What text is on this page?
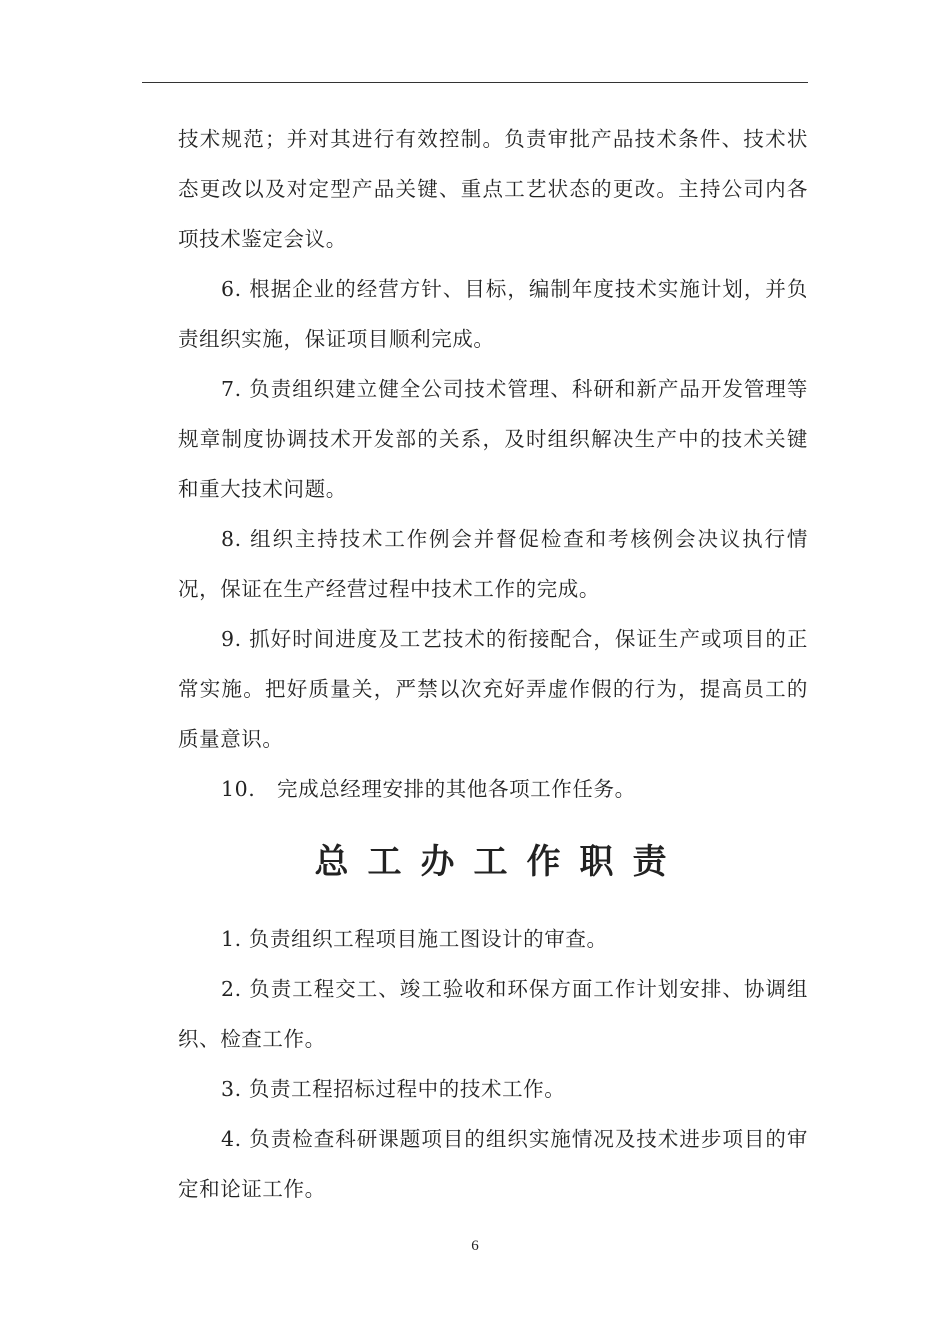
技术规范；并对其进行有效控制。负责审批产品技术条件、技术状态更改以及对定型产品关键、重点工艺状态的更改。主持公司内各项技术鉴定会议。

6. 根据企业的经营方针、目标，编制年度技术实施计划，并负责组织实施，保证项目顺利完成。

7. 负责组织建立健全公司技术管理、科研和新产品开发管理等规章制度协调技术开发部的关系，及时组织解决生产中的技术关键和重大技术问题。

8. 组织主持技术工作例会并督促检查和考核例会决议执行情况，保证在生产经营过程中技术工作的完成。

9. 抓好时间进度及工艺技术的衔接配合，保证生产或项目的正常实施。把好质量关，严禁以次充好弄虚作假的行为，提高员工的质量意识。

10. 完成总经理安排的其他各项工作任务。

总工办工作职责

1. 负责组织工程项目施工图设计的审查。

2. 负责工程交工、竣工验收和环保方面工作计划安排、协调组织、检查工作。

3. 负责工程招标过程中的技术工作。

4. 负责检查科研课题项目的组织实施情况及技术进步项目的审定和论证工作。

6
